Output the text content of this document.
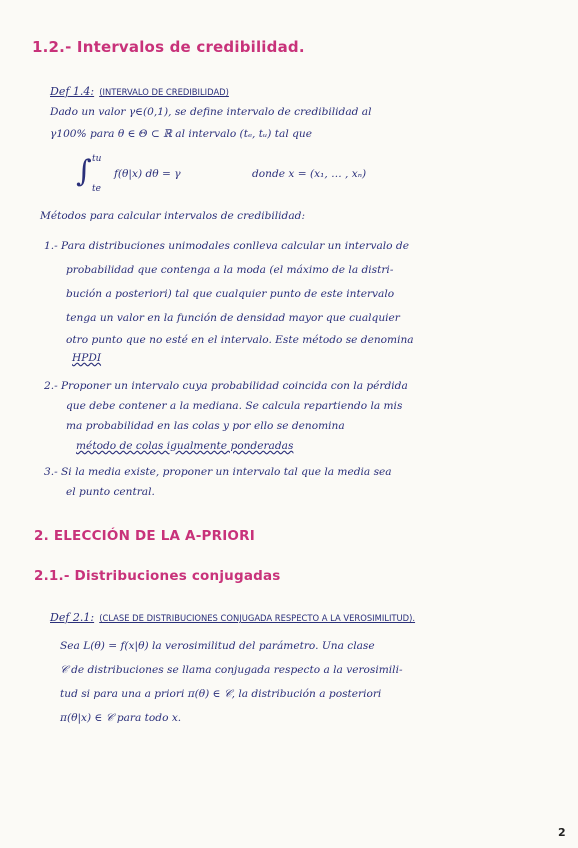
1.2.- Intervalos de credibilidad.
Def 1.4: (INTERVALO DE CREDIBILIDAD)
Dado un valor γ∈(0,1), se define intervalo de credibilidad al
γ100% para θ ∈ Θ ⊂ ℝ al intervalo (tₑ, tᵤ) tal que
∫ tu
te
f(θ|x) dθ = γ	donde x = (x₁, … , xₙ)
Métodos para calcular intervalos de credibilidad:
1.- Para distribuciones unimodales conlleva calcular un intervalo de
probabilidad que contenga a la moda (el máximo de la distri-
bución a posteriori) tal que cualquier punto de este intervalo
tenga un valor en la función de densidad mayor que cualquier
otro punto que no esté en el intervalo. Este método se denomina
HPDI
2.- Proponer un intervalo cuya probabilidad coincida con la pérdida
que debe contener a la mediana. Se calcula repartiendo la mis
ma probabilidad en las colas y por ello se denomina
método de colas igualmente ponderadas
3.- Si la media existe, proponer un intervalo tal que la media sea
el punto central.
2. ELECCIÓN DE LA A-PRIORI
2.1.- Distribuciones conjugadas
Def 2.1: (CLASE DE DISTRIBUCIONES CONJUGADA RESPECTO A LA VEROSIMILITUD).
Sea L(θ) = f(x|θ) la verosimilitud del parámetro. Una clase
𝒞 de distribuciones se llama conjugada respecto a la verosimili-
tud si para una a priori π(θ) ∈ 𝒞, la distribución a posteriori
π(θ|x) ∈ 𝒞 para todo x.
2
